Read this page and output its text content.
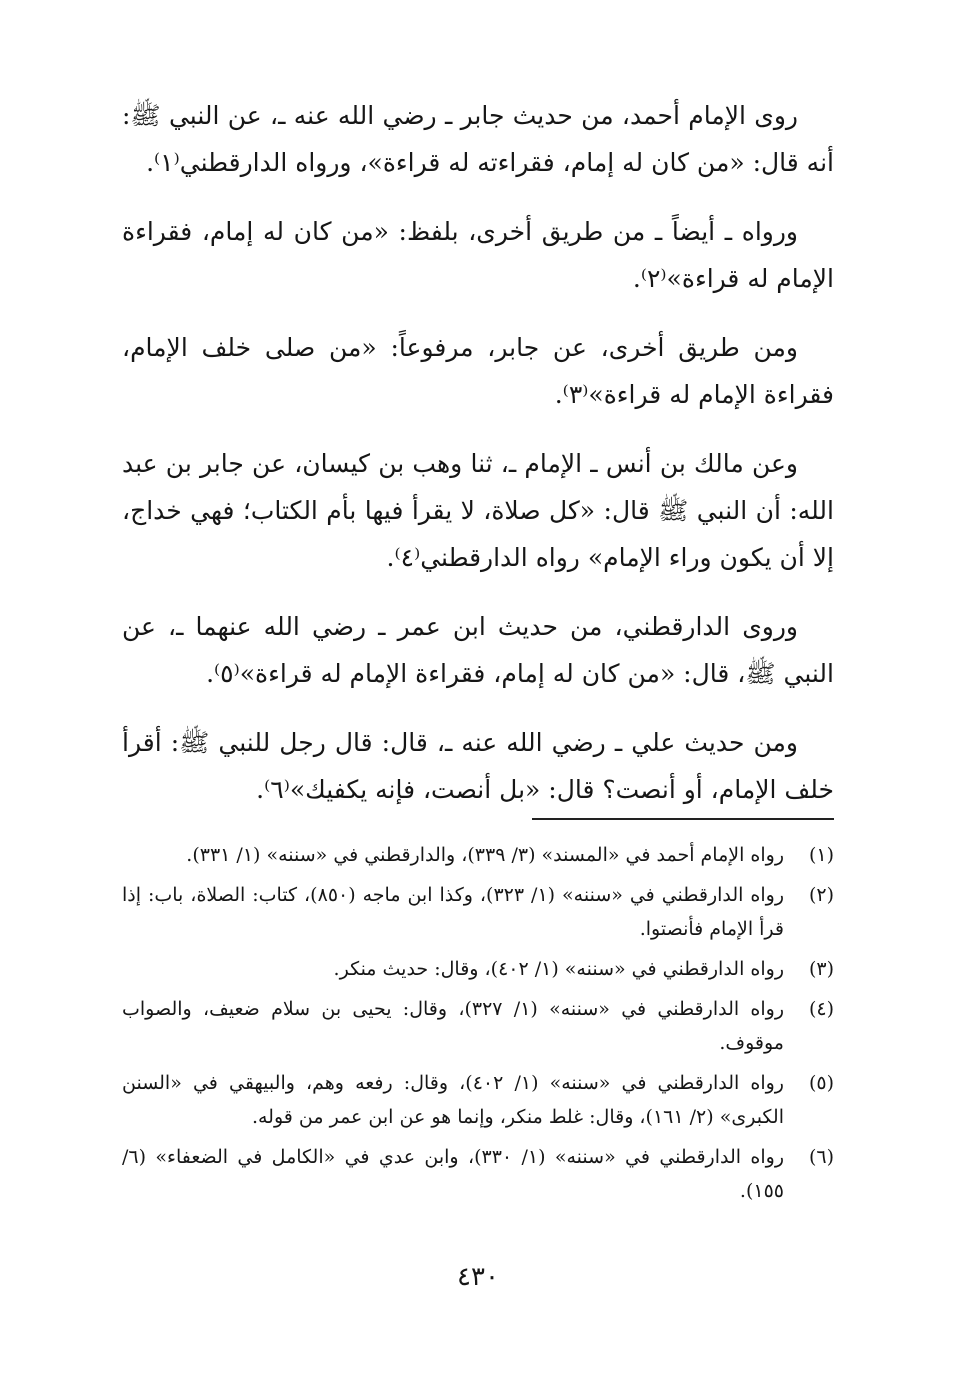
روى الإمام أحمد، من حديث جابر ـ رضي الله عنه ـ، عن النبي ﷺ: أنه قال: «من كان له إمام، فقراءته له قراءة»، ورواه الدارقطني⁽١⁾.

ورواه ـ أيضاً ـ من طريق أخرى، بلفظ: «من كان له إمام، فقراءة الإمام له قراءة»⁽٢⁾.

ومن طريق أخرى، عن جابر، مرفوعاً: «من صلى خلف الإمام، فقراءة الإمام له قراءة»⁽٣⁾.

وعن مالك بن أنس ـ الإمام ـ، ثنا وهب بن كيسان، عن جابر بن عبد الله: أن النبي ﷺ قال: «كل صلاة، لا يقرأ فيها بأم الكتاب؛ فهي خداج، إلا أن يكون وراء الإمام» رواه الدارقطني⁽٤⁾.

وروى الدارقطني، من حديث ابن عمر ـ رضي الله عنهما ـ، عن النبي ﷺ، قال: «من كان له إمام، فقراءة الإمام له قراءة»⁽٥⁾.

ومن حديث علي ـ رضي الله عنه ـ، قال: قال رجل للنبي ﷺ: أقرأ خلف الإمام، أو أنصت؟ قال: «بل أنصت، فإنه يكفيك»⁽٦⁾.

(١)
رواه الإمام أحمد في «المسند» (٣/ ٣٣٩)، والدارقطني في «سننه» (١/ ٣٣١).
(٢)
رواه الدارقطني في «سننه» (١/ ٣٢٣)، وكذا ابن ماجه (٨٥٠)، كتاب: الصلاة، باب: إذا قرأ الإمام فأنصتوا.
(٣)
رواه الدارقطني في «سننه» (١/ ٤٠٢)، وقال: حديث منكر.
(٤)
رواه الدارقطني في «سننه» (١/ ٣٢٧)، وقال: يحيى بن سلام ضعيف، والصواب موقوف.
(٥)
رواه الدارقطني في «سننه» (١/ ٤٠٢)، وقال: رفعه وهم، والبيهقي في «السنن الكبرى» (٢/ ١٦١)، وقال: غلط منكر، وإنما هو عن ابن عمر من قوله.
(٦)
رواه الدارقطني في «سننه» (١/ ٣٣٠)، وابن عدي في «الكامل في الضعفاء» (٦/ ١٥٥).
٤٣٠
